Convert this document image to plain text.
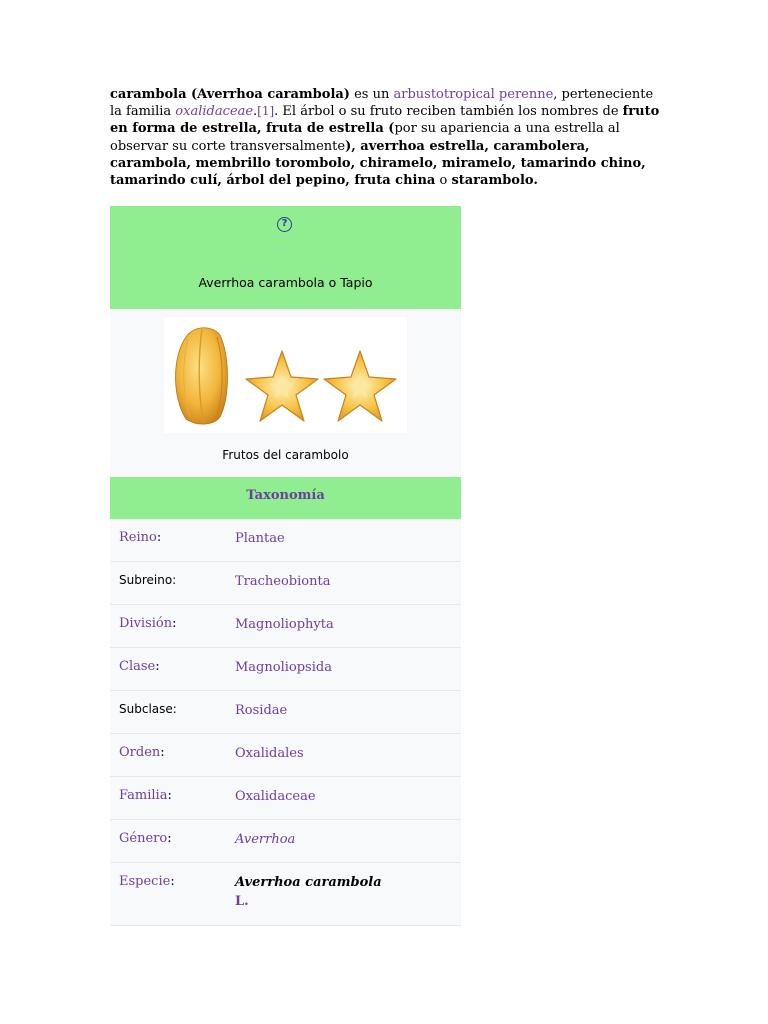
carambola (Averrhoa carambola) es un arbustotropical perenne, perteneciente la familia oxalidaceae.[1]. El árbol o su fruto reciben también los nombres de fruto en forma de estrella, fruta de estrella (por su apariencia a una estrella al observar su corte transversalmente), averrhoa estrella, carambolera, carambola, membrillo torombolo, chiramelo, miramelo, tamarindo chino, tamarindo culí, árbol del pepino, fruta china o starambolo.
?
Averrhoa carambola o Tapio
Frutos del carambolo
Taxonomía
Reino:	Plantae
Subreino:	Tracheobionta
División:	Magnoliophyta
Clase:	Magnoliopsida
Subclase:	Rosidae
Orden:	Oxalidales
Familia:	Oxalidaceae
Género:	Averrhoa
Especie:	Averrhoa carambola
L.
